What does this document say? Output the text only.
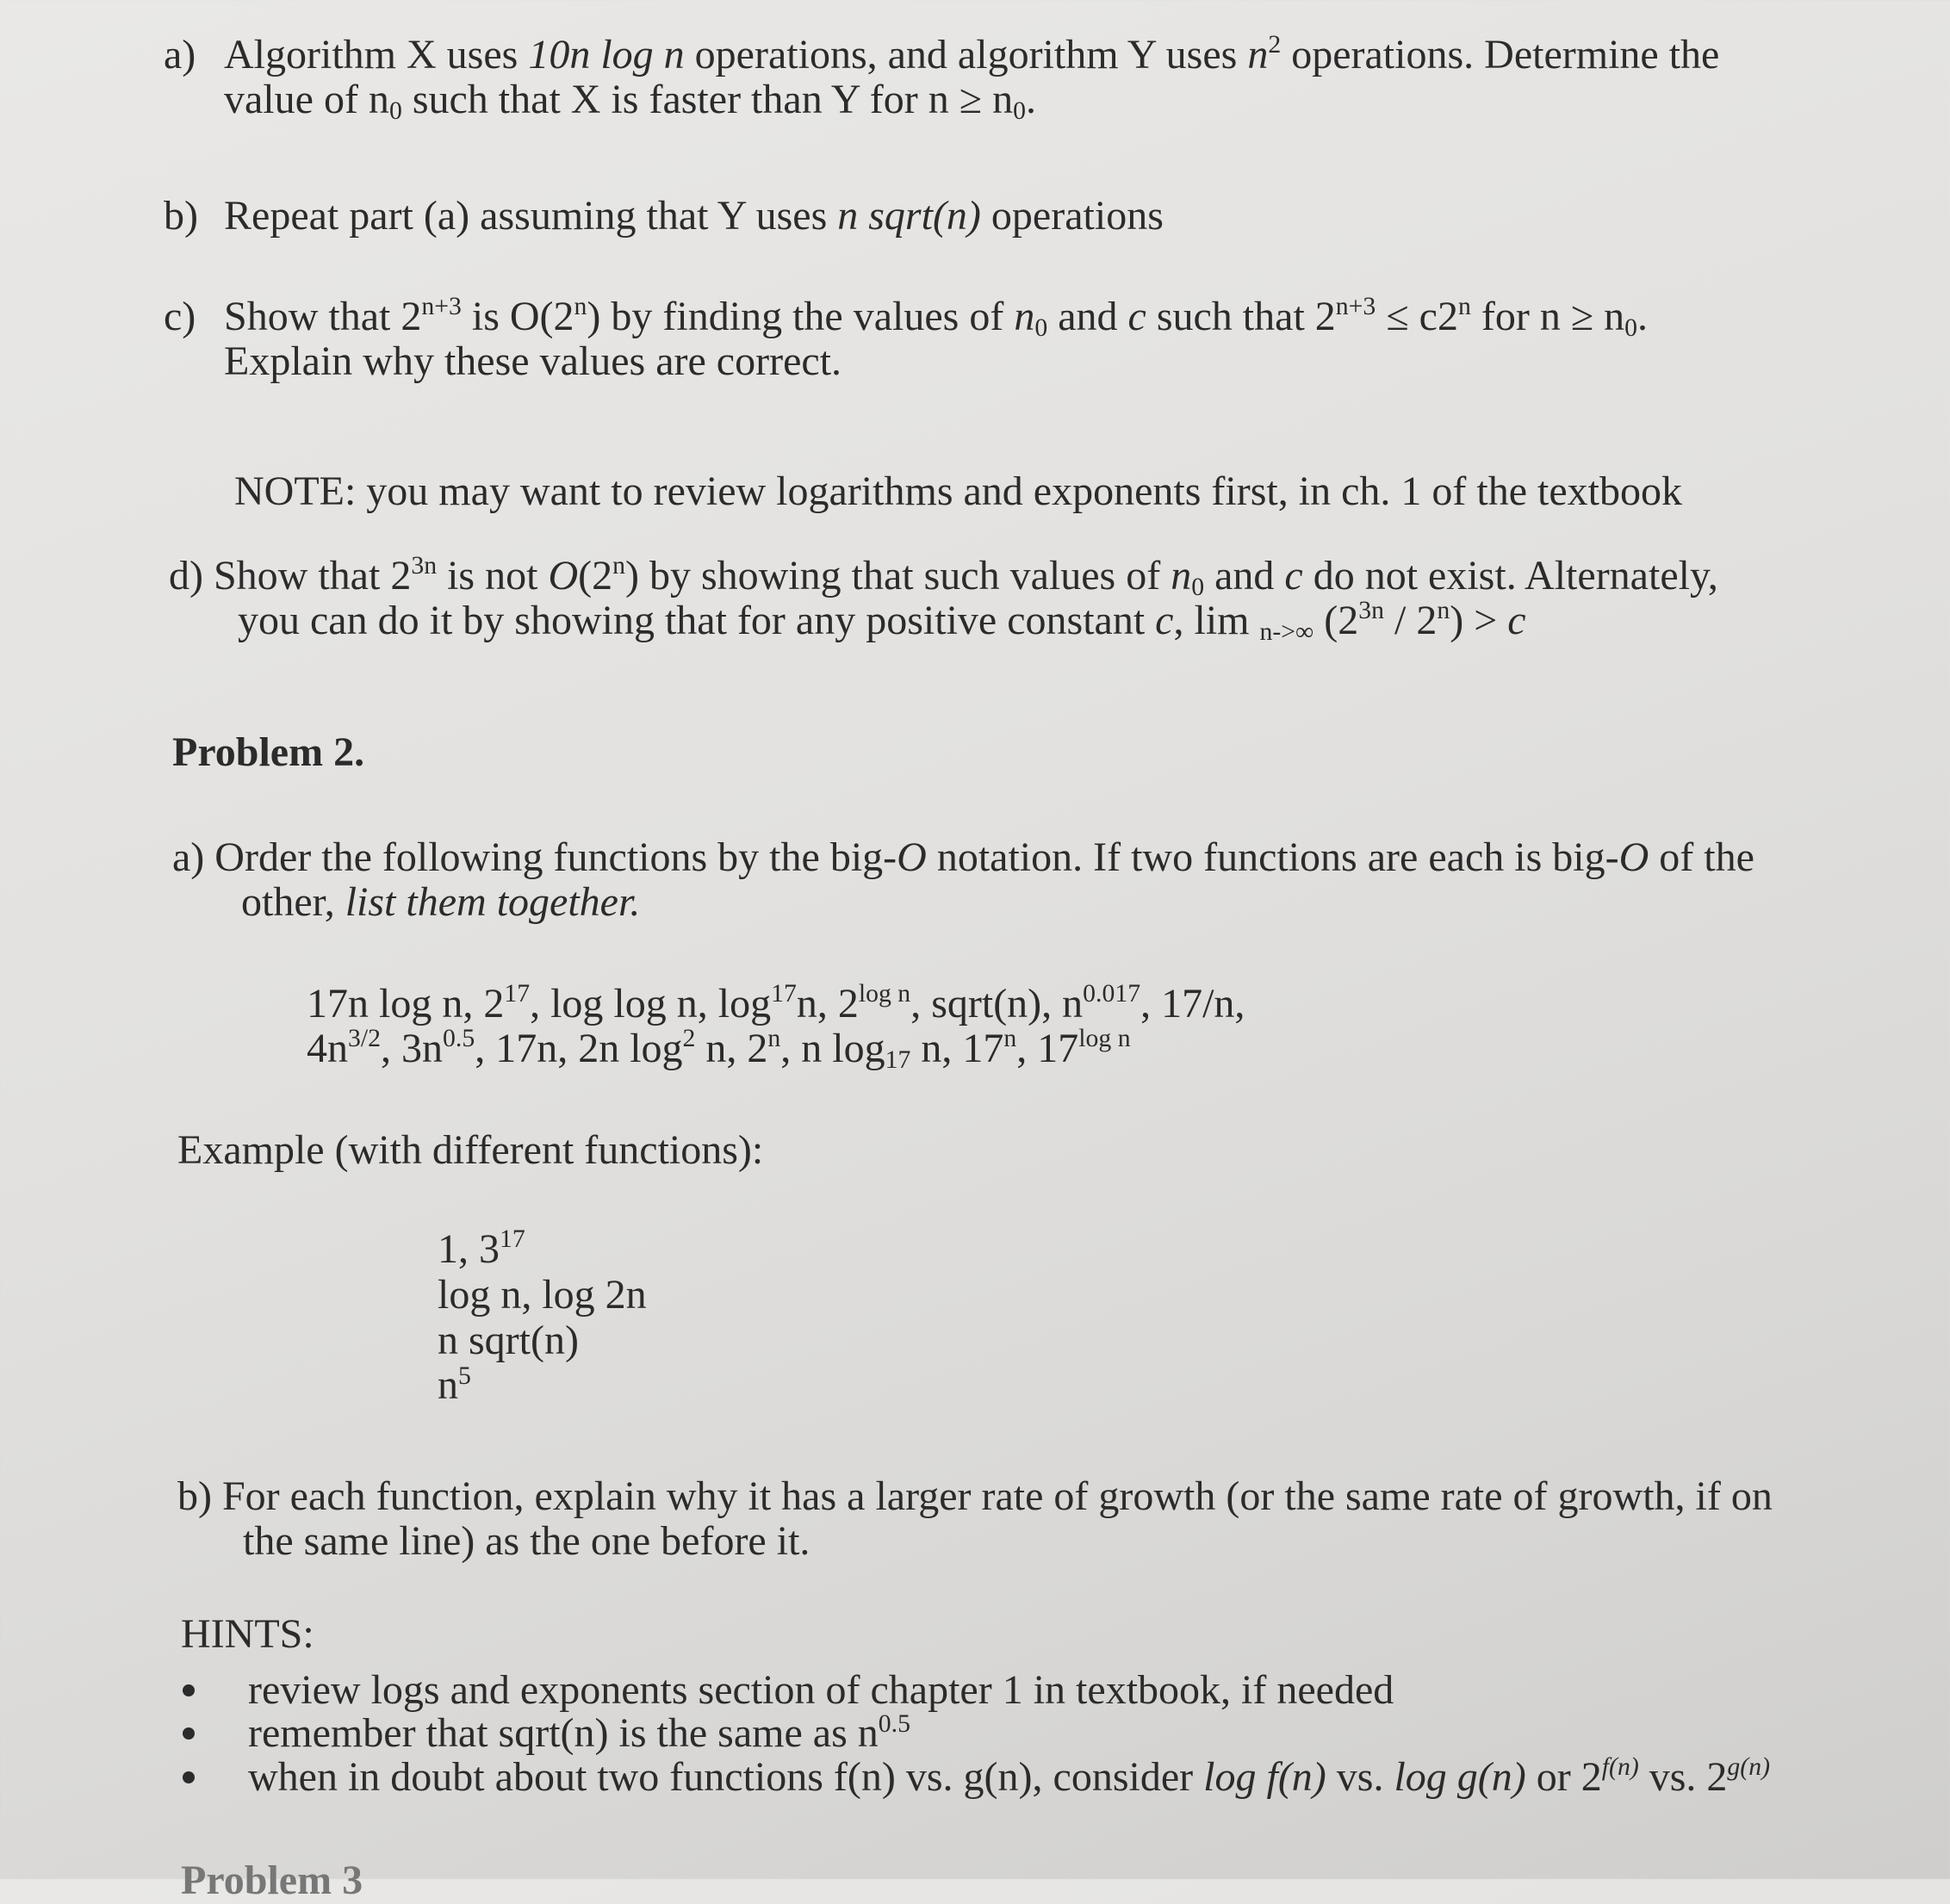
a) Algorithm X uses 10n log n operations, and algorithm Y uses $n^2$ operations. Determine the
value of $n_0$ such that X is faster than Y for $n \ge n_0$.
b) Repeat part (a) assuming that Y uses n sqrt(n) operations
c) Show that $2^{n+3}$ is O(2$^n$) by finding the values of $n_0$ and c such that $2^{n+3} \le c2^n$ for $n \ge n_0$.
Explain why these values are correct.
NOTE: you may want to review logarithms and exponents first, in ch. 1 of the textbook
d) Show that $2^{3n}$ is not O(2$^n$) by showing that such values of $n_0$ and c do not exist. Alternately,
you can do it by showing that for any positive constant c, lim $_{n->\infty}$ $(2^{3n} / 2^n) > c$
Problem 2.
a) Order the following functions by the big-O notation. If two functions are each is big-O of the
other, list them together.
17n log n, $2^{17}$, log log n, $\log^{17}n$, $2^{log n}$, sqrt(n), $n^{0.017}$, 17/n,
$4n^{3/2}$, $3n^{0.5}$, 17n, 2n $\log^2 n$, 2$^n$, n $\log_{17} n$, 17$^n$, $17^{log n}$
Example (with different functions):
1, $3^{17}$
log n, log 2n
n sqrt(n)
$n^5$
b) For each function, explain why it has a larger rate of growth (or the same rate of growth, if on
the same line) as the one before it.
HINTS:
review logs and exponents section of chapter 1 in textbook, if needed
remember that sqrt(n) is the same as $n^{0.5}$
when in doubt about two functions f(n) vs. g(n), consider log f(n) vs. log g(n) or $2^{f(n)}$ vs. $2^{g(n)}$
Problem 3
